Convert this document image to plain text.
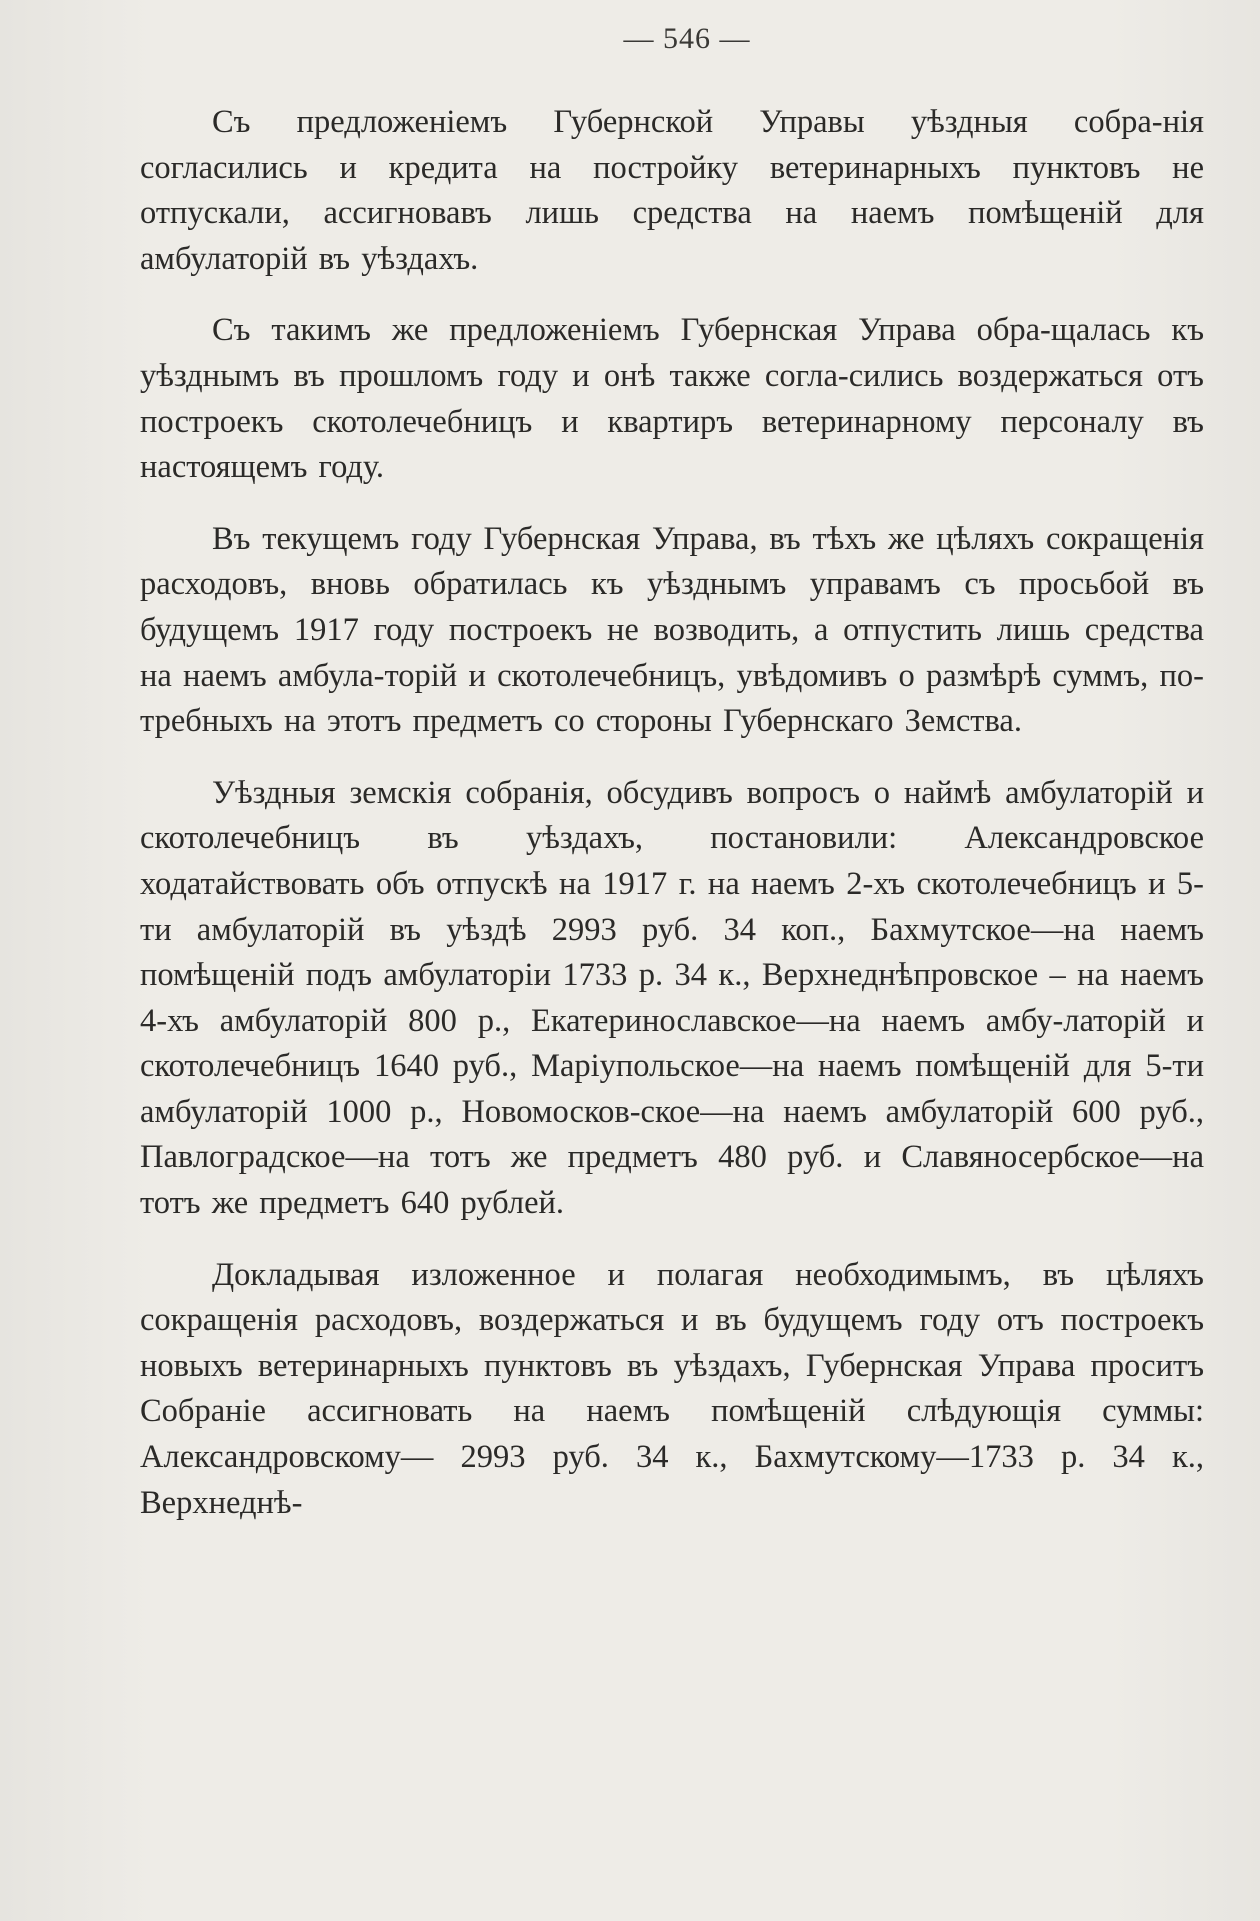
— 546 —

Съ предложеніемъ Губернской Управы уѣздныя собра-нія согласились и кредита на постройку ветеринарныхъ пунктовъ не отпускали, ассигновавъ лишь средства на наемъ помѣщеній для амбулаторій въ уѣздахъ.

Съ такимъ же предложеніемъ Губернская Управа обра-щалась къ уѣзднымъ въ прошломъ году и онѣ также согла-сились воздержаться отъ построекъ скотолечебницъ и квартиръ ветеринарному персоналу въ настоящемъ году.

Въ текущемъ году Губернская Управа, въ тѣхъ же цѣляхъ сокращенія расходовъ, вновь обратилась къ уѣзднымъ управамъ съ просьбой въ будущемъ 1917 году построекъ не возводить, а отпустить лишь средства на наемъ амбула-торій и скотолечебницъ, увѣдомивъ о размѣрѣ суммъ, по-требныхъ на этотъ предметъ со стороны Губернскаго Земства.

Уѣздныя земскія собранія, обсудивъ вопросъ о наймѣ амбулаторій и скотолечебницъ въ уѣздахъ, постановили: Александровское ходатайствовать объ отпускѣ на 1917 г. на наемъ 2-хъ скотолечебницъ и 5-ти амбулаторій въ уѣздѣ 2993 руб. 34 коп., Бахмутское—на наемъ помѣщеній подъ амбулаторіи 1733 р. 34 к., Верхнеднѣпровское – на наемъ 4-хъ амбулаторій 800 р., Екатеринославское—на наемъ амбу-латорій и скотолечебницъ 1640 руб., Маріупольское—на наемъ помѣщеній для 5-ти амбулаторій 1000 р., Новомосков-ское—на наемъ амбулаторій 600 руб., Павлоградское—на тотъ же предметъ 480 руб. и Славяносербское—на тотъ же предметъ 640 рублей.

Докладывая изложенное и полагая необходимымъ, въ цѣляхъ сокращенія расходовъ, воздержаться и въ будущемъ году отъ построекъ новыхъ ветеринарныхъ пунктовъ въ уѣздахъ, Губернская Управа проситъ Собраніе ассигновать на наемъ помѣщеній слѣдующія суммы: Александровскому— 2993 руб. 34 к., Бахмутскому—1733 р. 34 к., Верхнеднѣ-
